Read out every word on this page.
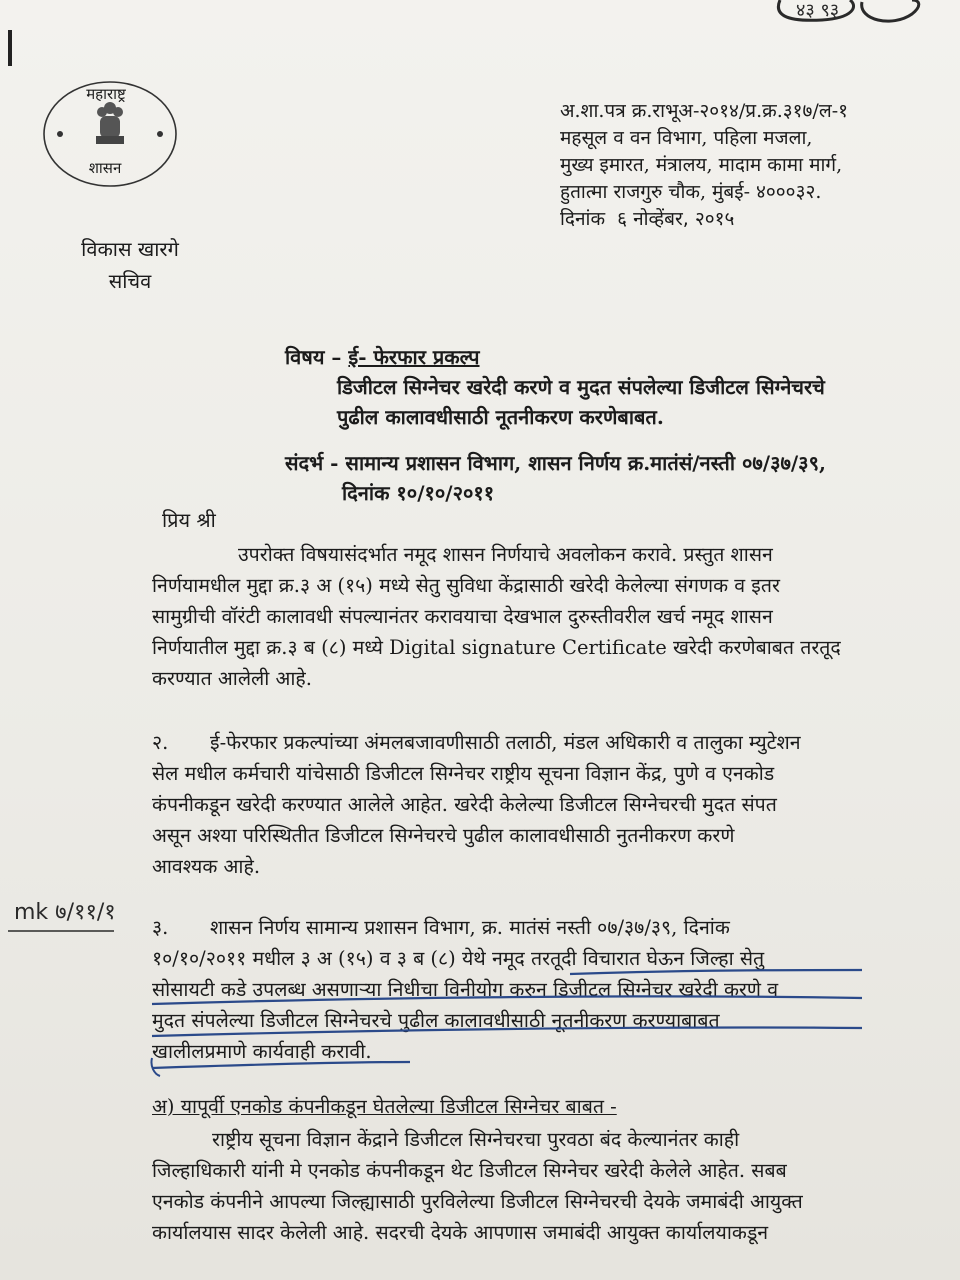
४३ ९३
महाराष्ट्र
शासन
विकास खारगे
सचिव
अ.शा.पत्र क्र.राभूअ-२०१४/प्र.क्र.३१७/ल-१
महसूल व वन विभाग, पहिला मजला,
मुख्य इमारत, मंत्रालय, मादाम कामा मार्ग,
हुतात्मा राजगुरु चौक, मुंबई- ४०००३२.
दिनांक ६ नोव्हेंबर, २०१५
विषय – ई- फेरफार प्रकल्प
डिजीटल सिग्नेचर खरेदी करणे व मुदत संपलेल्या डिजीटल सिग्नेचरचे
पुढील कालावधीसाठी नूतनीकरण करणेबाबत.
संदर्भ - सामान्य प्रशासन विभाग, शासन निर्णय क्र.मातंसं/नस्ती ०७/३७/३९,
दिनांक १०/१०/२०११
प्रिय श्री
उपरोक्त विषयासंदर्भात नमूद शासन निर्णयाचे अवलोकन करावे. प्रस्तुत शासन
निर्णयामधील मुद्दा क्र.३ अ (१५) मध्ये सेतु सुविधा केंद्रासाठी खरेदी केलेल्या संगणक व इतर
सामुग्रीची वॉरंटी कालावधी संपल्यानंतर करावयाचा देखभाल दुरुस्तीवरील खर्च नमूद शासन
निर्णयातील मुद्दा क्र.३ ब (८) मध्ये Digital signature Certificate खरेदी करणेबाबत तरतूद
करण्यात आलेली आहे.
२. ई-फेरफार प्रकल्पांच्या अंमलबजावणीसाठी तलाठी, मंडल अधिकारी व तालुका म्युटेशन
सेल मधील कर्मचारी यांचेसाठी डिजीटल सिग्नेचर राष्ट्रीय सूचना विज्ञान केंद्र, पुणे व एनकोड
कंपनीकडून खरेदी करण्यात आलेले आहेत. खरेदी केलेल्या डिजीटल सिग्नेचरची मुदत संपत
असून अश्या परिस्थितीत डिजीटल सिग्नेचरचे पुढील कालावधीसाठी नुतनीकरण करणे
आवश्यक आहे.
mk ७/११/१५
३. शासन निर्णय सामान्य प्रशासन विभाग, क्र. मातंसं नस्ती ०७/३७/३९, दिनांक
१०/१०/२०११ मधील ३ अ (१५) व ३ ब (८) येथे नमूद तरतूदी विचारात घेऊन जिल्हा सेतु
सोसायटी कडे उपलब्ध असणाऱ्या निधीचा विनीयोग करुन डिजीटल सिग्नेचर खरेदी करणे व
मुदत संपलेल्या डिजीटल सिग्नेचरचे पुढील कालावधीसाठी नूतनीकरण करण्याबाबत
खालीलप्रमाणे कार्यवाही करावी.
अ) यापूर्वी एनकोड कंपनीकडून घेतलेल्या डिजीटल सिग्नेचर बाबत -
राष्ट्रीय सूचना विज्ञान केंद्राने डिजीटल सिग्नेचरचा पुरवठा बंद केल्यानंतर काही
जिल्हाधिकारी यांनी मे एनकोड कंपनीकडून थेट डिजीटल सिग्नेचर खरेदी केलेले आहेत. सबब
एनकोड कंपनीने आपल्या जिल्ह्यासाठी पुरविलेल्या डिजीटल सिग्नेचरची देयके जमाबंदी आयुक्त
कार्यालयास सादर केलेली आहे. सदरची देयके आपणास जमाबंदी आयुक्त कार्यालयाकडून
